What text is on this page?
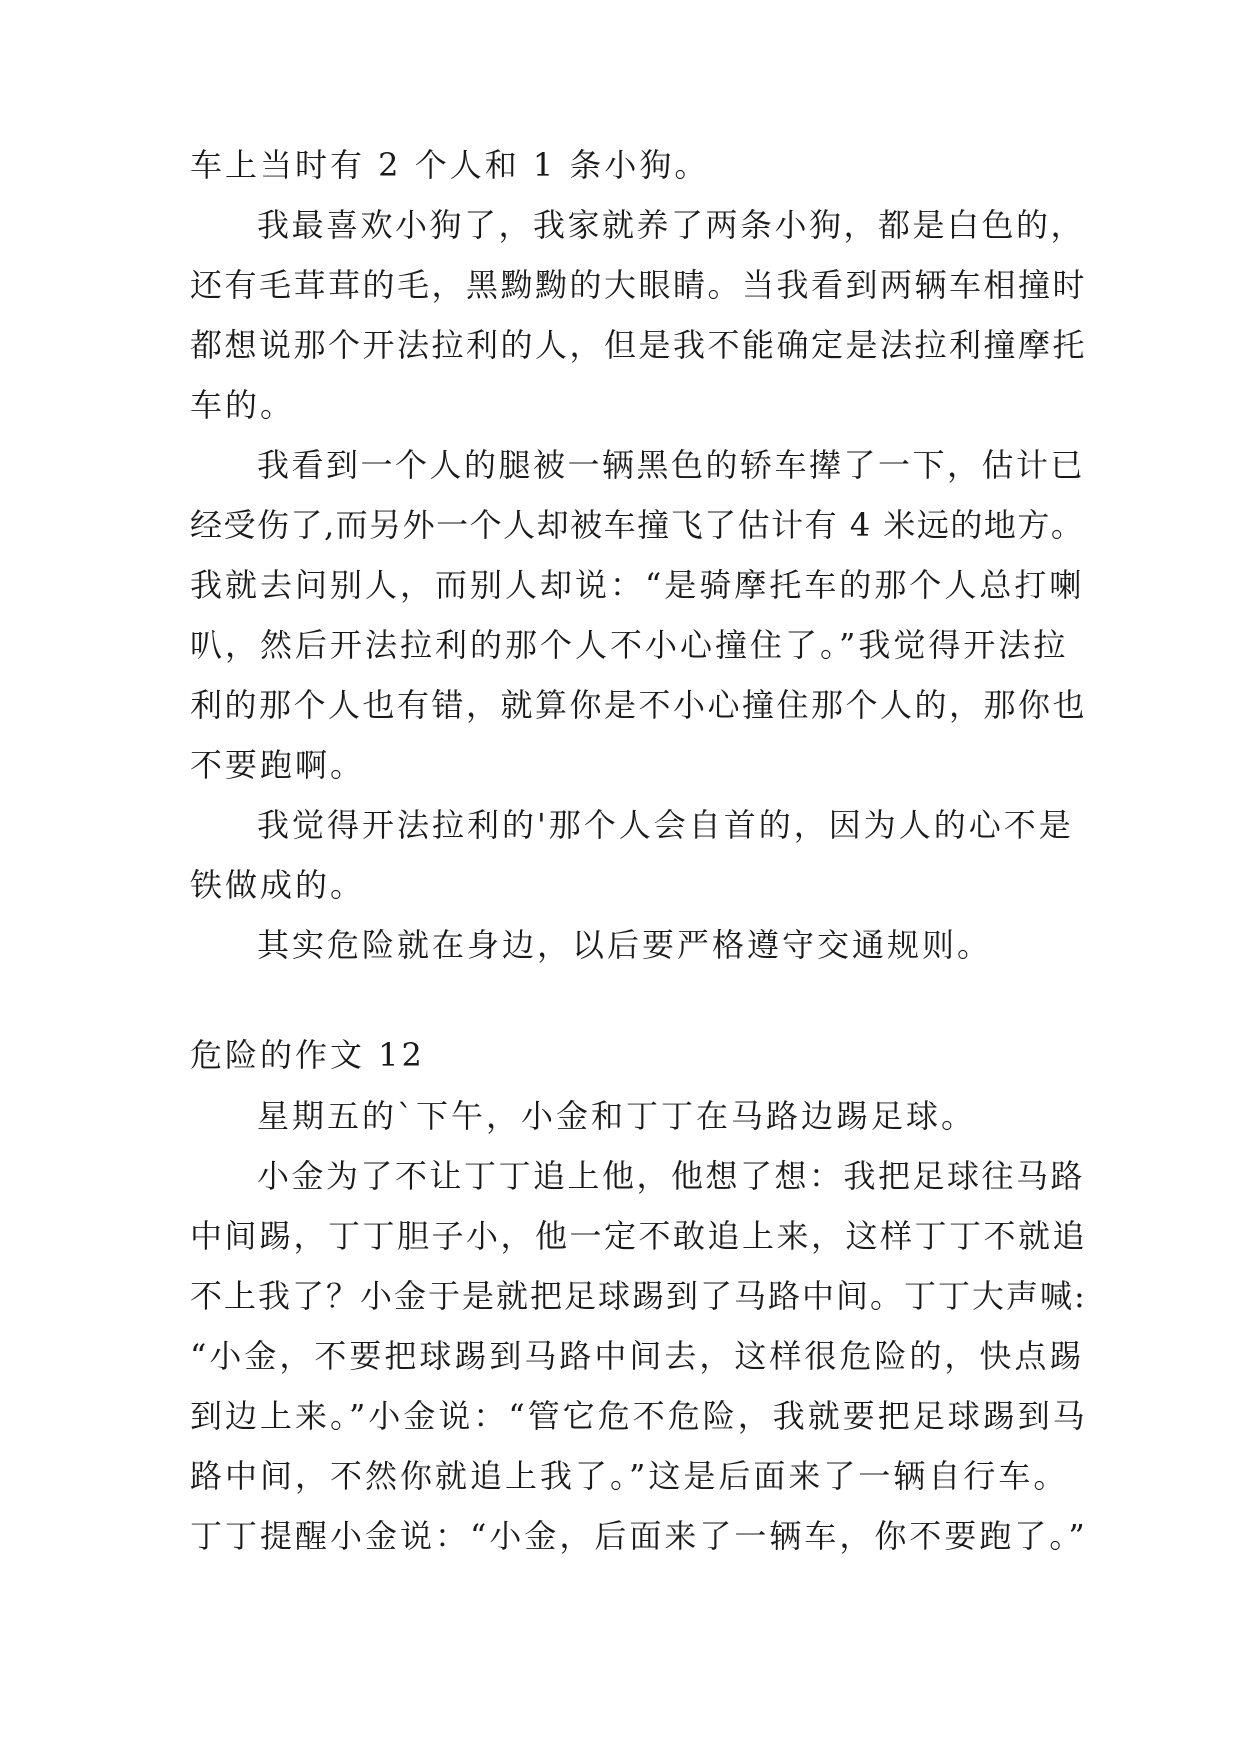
车上当时有 2 个人和 1 条小狗。
我最喜欢小狗了，我家就养了两条小狗，都是白色的，
还有毛茸茸的毛，黑黝黝的大眼睛。当我看到两辆车相撞时
都想说那个开法拉利的人，但是我不能确定是法拉利撞摩托
车的。
我看到一个人的腿被一辆黑色的轿车撵了一下，估计已
经受伤了,而另外一个人却被车撞飞了估计有 4 米远的地方。
我就去问别人，而别人却说：“是骑摩托车的那个人总打喇
叭，然后开法拉利的那个人不小心撞住了。”我觉得开法拉
利的那个人也有错，就算你是不小心撞住那个人的，那你也
不要跑啊。
我觉得开法拉利的'那个人会自首的，因为人的心不是
铁做成的。
其实危险就在身边，以后要严格遵守交通规则。
危险的作文 12
星期五的`下午，小金和丁丁在马路边踢足球。
小金为了不让丁丁追上他，他想了想：我把足球往马路
中间踢，丁丁胆子小，他一定不敢追上来，这样丁丁不就追
不上我了？小金于是就把足球踢到了马路中间。丁丁大声喊:
“小金，不要把球踢到马路中间去，这样很危险的，快点踢
到边上来。”小金说：“管它危不危险，我就要把足球踢到马
路中间，不然你就追上我了。”这是后面来了一辆自行车。
丁丁提醒小金说：“小金，后面来了一辆车，你不要跑了。”
